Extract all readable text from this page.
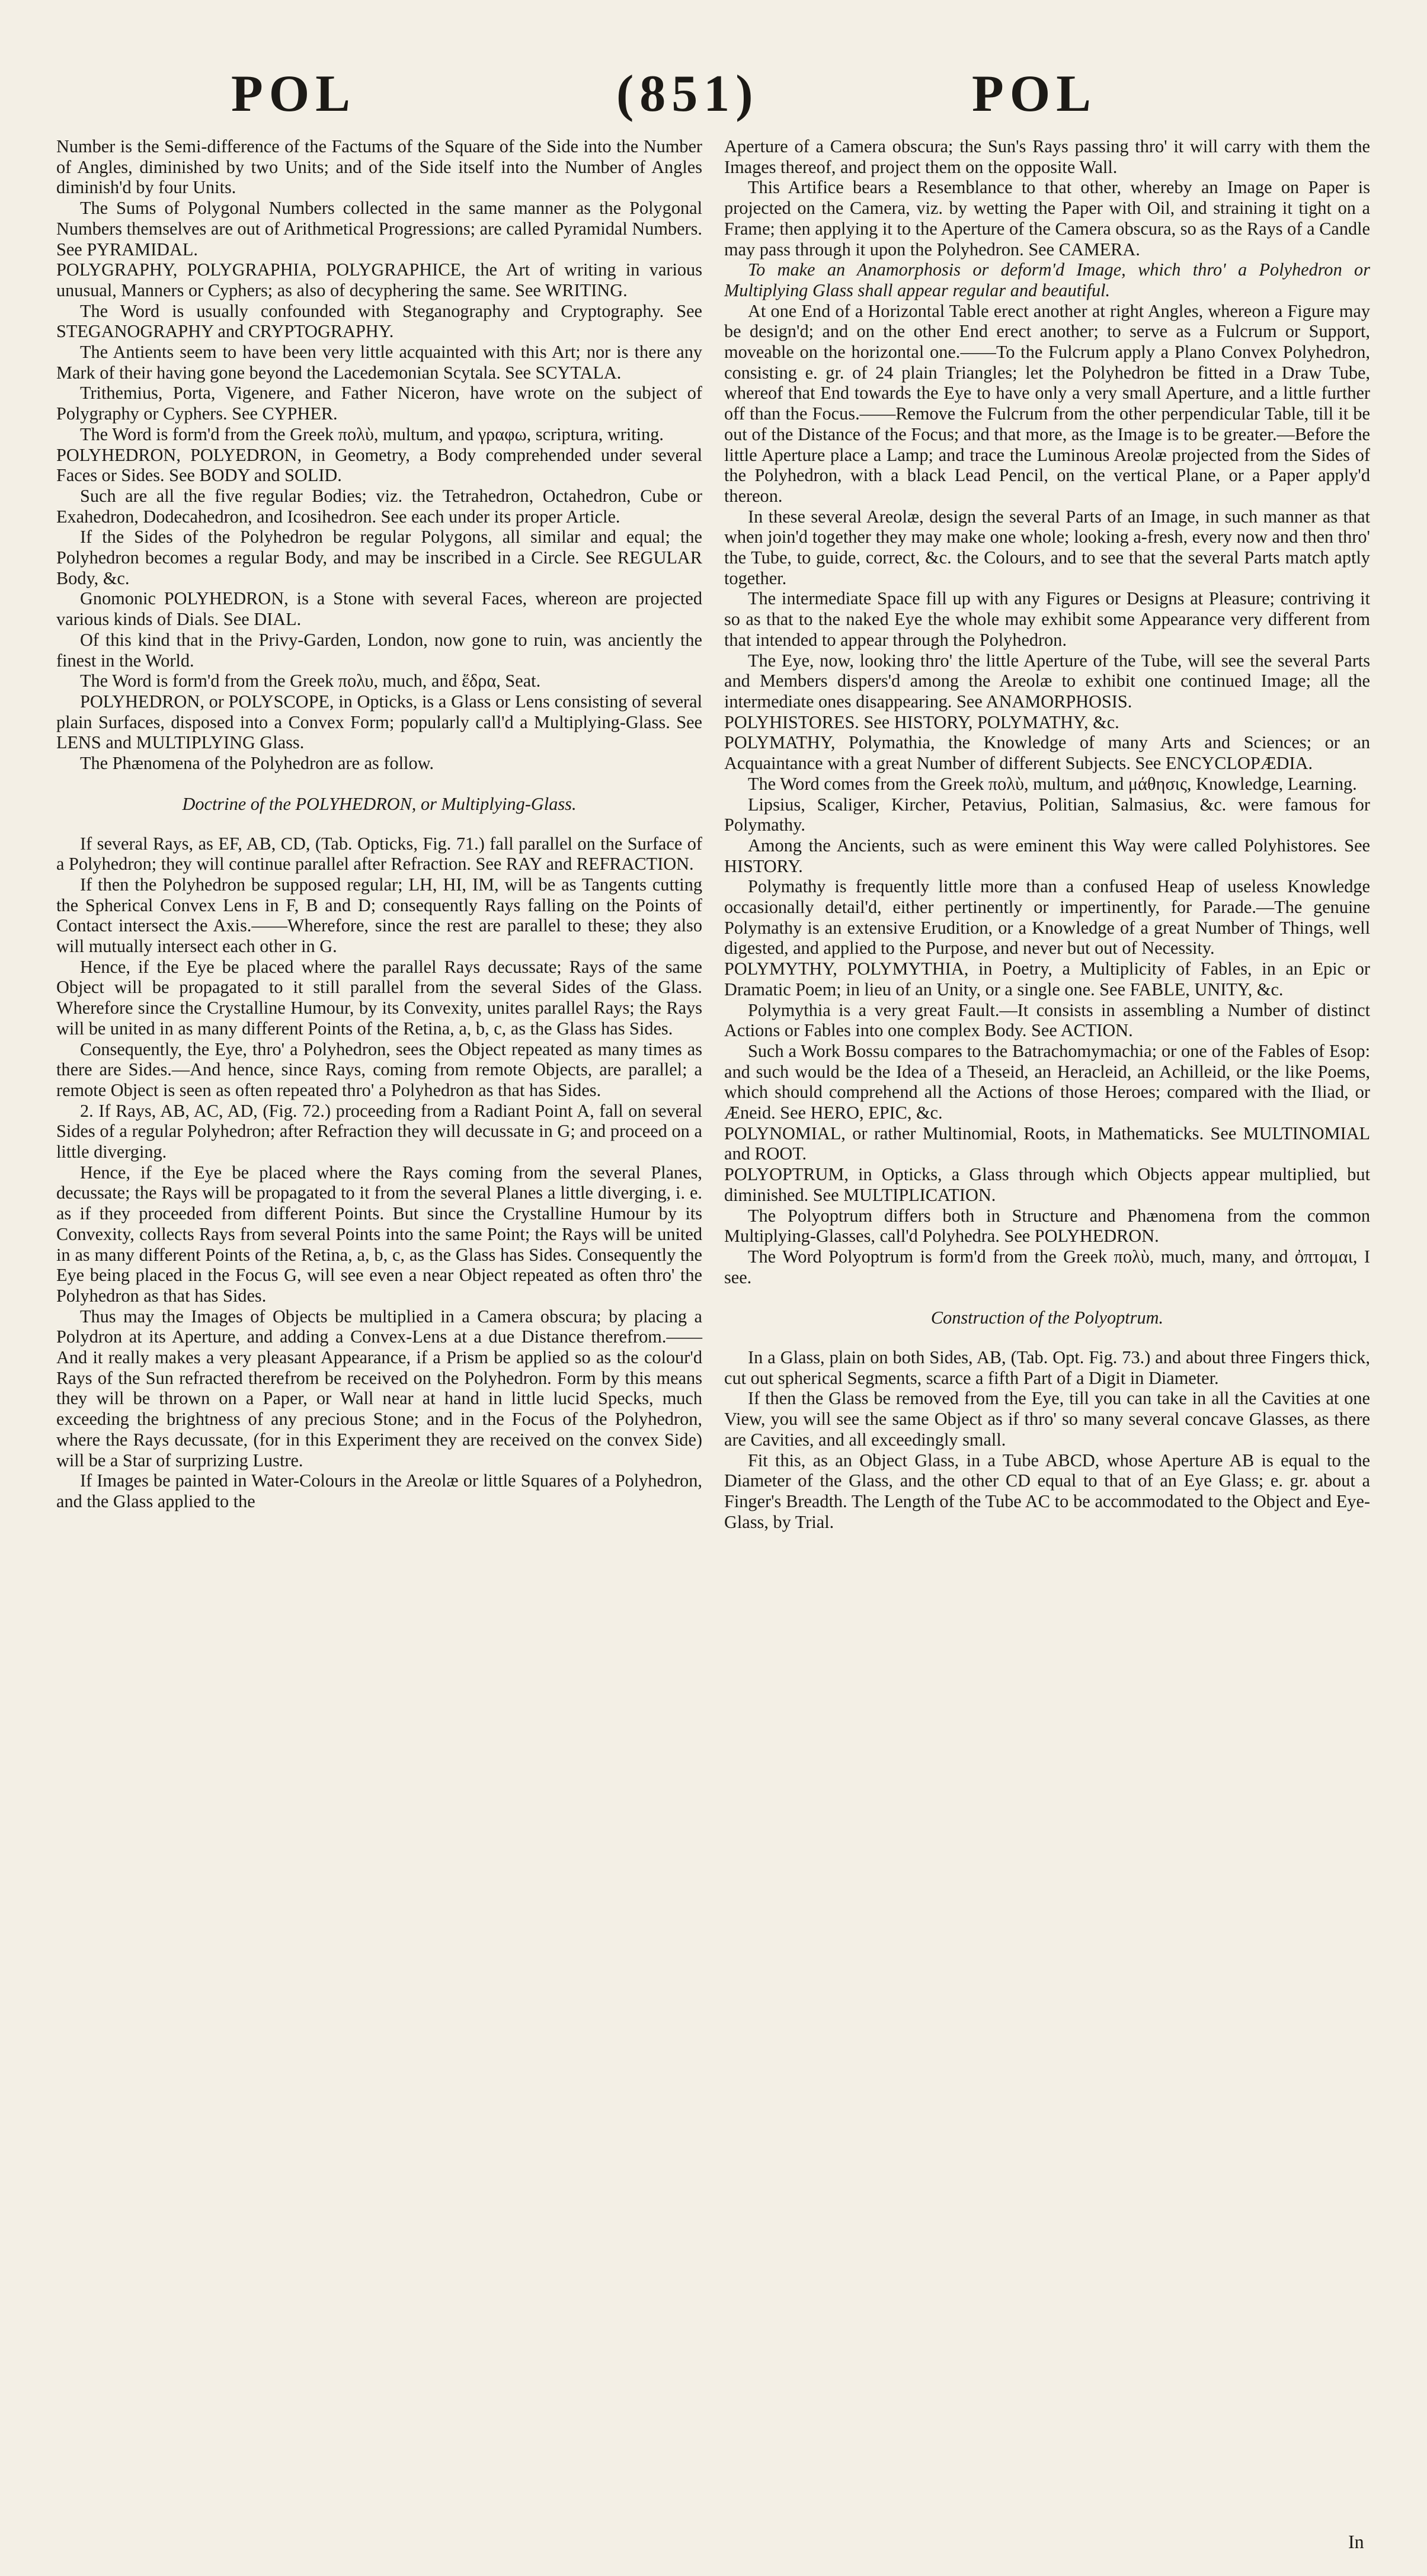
POL	(851)	POL

Number is the Semi-difference of the Factums of the Square of the Side into the Number of Angles, diminished by two Units; and of the Side itself into the Number of Angles diminish'd by four Units.

The Sums of Polygonal Numbers collected in the same manner as the Polygonal Numbers themselves are out of Arithmetical Progressions; are called Pyramidal Numbers. See PYRAMIDAL.

POLYGRAPHY, POLYGRAPHIA, POLYGRAPHICE, the Art of writing in various unusual, Manners or Cyphers; as also of decyphering the same. See WRITING.

The Word is usually confounded with Steganography and Cryptography. See STEGANOGRAPHY and CRYPTOGRAPHY.

The Antients seem to have been very little acquainted with this Art; nor is there any Mark of their having gone beyond the Lacedemonian Scytala. See SCYTALA.

Trithemius, Porta, Vigenere, and Father Niceron, have wrote on the subject of Polygraphy or Cyphers. See CYPHER.

The Word is form'd from the Greek πολὺ, multum, and γραφω, scriptura, writing.

POLYHEDRON, POLYEDRON, in Geometry, a Body comprehended under several Faces or Sides. See BODY and SOLID.

Such are all the five regular Bodies; viz. the Tetrahedron, Octahedron, Cube or Exahedron, Dodecahedron, and Icosihedron. See each under its proper Article.

If the Sides of the Polyhedron be regular Polygons, all similar and equal; the Polyhedron becomes a regular Body, and may be inscribed in a Circle. See REGULAR Body, &c.

Gnomonic POLYHEDRON, is a Stone with several Faces, whereon are projected various kinds of Dials. See DIAL.

Of this kind that in the Privy-Garden, London, now gone to ruin, was anciently the finest in the World.

The Word is form'd from the Greek πολυ, much, and ἕδρα, Seat.

POLYHEDRON, or POLYSCOPE, in Opticks, is a Glass or Lens consisting of several plain Surfaces, disposed into a Convex Form; popularly call'd a Multiplying-Glass. See LENS and MULTIPLYING Glass.

The Phænomena of the Polyhedron are as follow.

Doctrine of the POLYHEDRON, or Multiplying-Glass.

If several Rays, as EF, AB, CD, (Tab. Opticks, Fig. 71.) fall parallel on the Surface of a Polyhedron; they will continue parallel after Refraction. See RAY and REFRACTION.

If then the Polyhedron be supposed regular; LH, HI, IM, will be as Tangents cutting the Spherical Convex Lens in F, B and D; consequently Rays falling on the Points of Contact intersect the Axis.——Wherefore, since the rest are parallel to these; they also will mutually intersect each other in G.

Hence, if the Eye be placed where the parallel Rays decussate; Rays of the same Object will be propagated to it still parallel from the several Sides of the Glass. Wherefore since the Crystalline Humour, by its Convexity, unites parallel Rays; the Rays will be united in as many different Points of the Retina, a, b, c, as the Glass has Sides.

Consequently, the Eye, thro' a Polyhedron, sees the Object repeated as many times as there are Sides.—And hence, since Rays, coming from remote Objects, are parallel; a remote Object is seen as often repeated thro' a Polyhedron as that has Sides.

2. If Rays, AB, AC, AD, (Fig. 72.) proceeding from a Radiant Point A, fall on several Sides of a regular Polyhedron; after Refraction they will decussate in G; and proceed on a little diverging.

Hence, if the Eye be placed where the Rays coming from the several Planes, decussate; the Rays will be propagated to it from the several Planes a little diverging, i. e. as if they proceeded from different Points. But since the Crystalline Humour by its Convexity, collects Rays from several Points into the same Point; the Rays will be united in as many different Points of the Retina, a, b, c, as the Glass has Sides. Consequently the Eye being placed in the Focus G, will see even a near Object repeated as often thro' the Polyhedron as that has Sides.

Thus may the Images of Objects be multiplied in a Camera obscura; by placing a Polydron at its Aperture, and adding a Convex-Lens at a due Distance therefrom.——And it really makes a very pleasant Appearance, if a Prism be applied so as the colour'd Rays of the Sun refracted therefrom be received on the Polyhedron. Form by this means they will be thrown on a Paper, or Wall near at hand in little lucid Specks, much exceeding the brightness of any precious Stone; and in the Focus of the Polyhedron, where the Rays decussate, (for in this Experiment they are received on the convex Side) will be a Star of surprizing Lustre.

If Images be painted in Water-Colours in the Areolæ or little Squares of a Polyhedron, and the Glass applied to the

Aperture of a Camera obscura; the Sun's Rays passing thro' it will carry with them the Images thereof, and project them on the opposite Wall.

This Artifice bears a Resemblance to that other, whereby an Image on Paper is projected on the Camera, viz. by wetting the Paper with Oil, and straining it tight on a Frame; then applying it to the Aperture of the Camera obscura, so as the Rays of a Candle may pass through it upon the Polyhedron. See CAMERA.

To make an Anamorphosis or deform'd Image, which thro' a Polyhedron or Multiplying Glass shall appear regular and beautiful.

At one End of a Horizontal Table erect another at right Angles, whereon a Figure may be design'd; and on the other End erect another; to serve as a Fulcrum or Support, moveable on the horizontal one.——To the Fulcrum apply a Plano Convex Polyhedron, consisting e. gr. of 24 plain Triangles; let the Polyhedron be fitted in a Draw Tube, whereof that End towards the Eye to have only a very small Aperture, and a little further off than the Focus.——Remove the Fulcrum from the other perpendicular Table, till it be out of the Distance of the Focus; and that more, as the Image is to be greater.—Before the little Aperture place a Lamp; and trace the Luminous Areolæ projected from the Sides of the Polyhedron, with a black Lead Pencil, on the vertical Plane, or a Paper apply'd thereon.

In these several Areolæ, design the several Parts of an Image, in such manner as that when join'd together they may make one whole; looking a-fresh, every now and then thro' the Tube, to guide, correct, &c. the Colours, and to see that the several Parts match aptly together.

The intermediate Space fill up with any Figures or Designs at Pleasure; contriving it so as that to the naked Eye the whole may exhibit some Appearance very different from that intended to appear through the Polyhedron.

The Eye, now, looking thro' the little Aperture of the Tube, will see the several Parts and Members dispers'd among the Areolæ to exhibit one continued Image; all the intermediate ones disappearing. See ANAMORPHOSIS.

POLYHISTORES. See HISTORY, POLYMATHY, &c.

POLYMATHY, Polymathia, the Knowledge of many Arts and Sciences; or an Acquaintance with a great Number of different Subjects. See ENCYCLOPÆDIA.

The Word comes from the Greek πολὺ, multum, and μάθησις, Knowledge, Learning.

Lipsius, Scaliger, Kircher, Petavius, Politian, Salmasius, &c. were famous for Polymathy.

Among the Ancients, such as were eminent this Way were called Polyhistores. See HISTORY.

Polymathy is frequently little more than a confused Heap of useless Knowledge occasionally detail'd, either pertinently or impertinently, for Parade.—The genuine Polymathy is an extensive Erudition, or a Knowledge of a great Number of Things, well digested, and applied to the Purpose, and never but out of Necessity.

POLYMYTHY, POLYMYTHIA, in Poetry, a Multiplicity of Fables, in an Epic or Dramatic Poem; in lieu of an Unity, or a single one. See FABLE, UNITY, &c.

Polymythia is a very great Fault.—It consists in assembling a Number of distinct Actions or Fables into one complex Body. See ACTION.

Such a Work Bossu compares to the Batrachomymachia; or one of the Fables of Esop: and such would be the Idea of a Theseid, an Heracleid, an Achilleid, or the like Poems, which should comprehend all the Actions of those Heroes; compared with the Iliad, or Æneid. See HERO, EPIC, &c.

POLYNOMIAL, or rather Multinomial, Roots, in Mathematicks. See MULTINOMIAL and ROOT.

POLYOPTRUM, in Opticks, a Glass through which Objects appear multiplied, but diminished. See MULTIPLICATION.

The Polyoptrum differs both in Structure and Phænomena from the common Multiplying-Glasses, call'd Polyhedra. See POLYHEDRON.

The Word Polyoptrum is form'd from the Greek πολὺ, much, many, and ὀπτομαι, I see.

Construction of the Polyoptrum.

In a Glass, plain on both Sides, AB, (Tab. Opt. Fig. 73.) and about three Fingers thick, cut out spherical Segments, scarce a fifth Part of a Digit in Diameter.

If then the Glass be removed from the Eye, till you can take in all the Cavities at one View, you will see the same Object as if thro' so many several concave Glasses, as there are Cavities, and all exceedingly small.

Fit this, as an Object Glass, in a Tube ABCD, whose Aperture AB is equal to the Diameter of the Glass, and the other CD equal to that of an Eye Glass; e. gr. about a Finger's Breadth. The Length of the Tube AC to be accommodated to the Object and Eye-Glass, by Trial.

In
